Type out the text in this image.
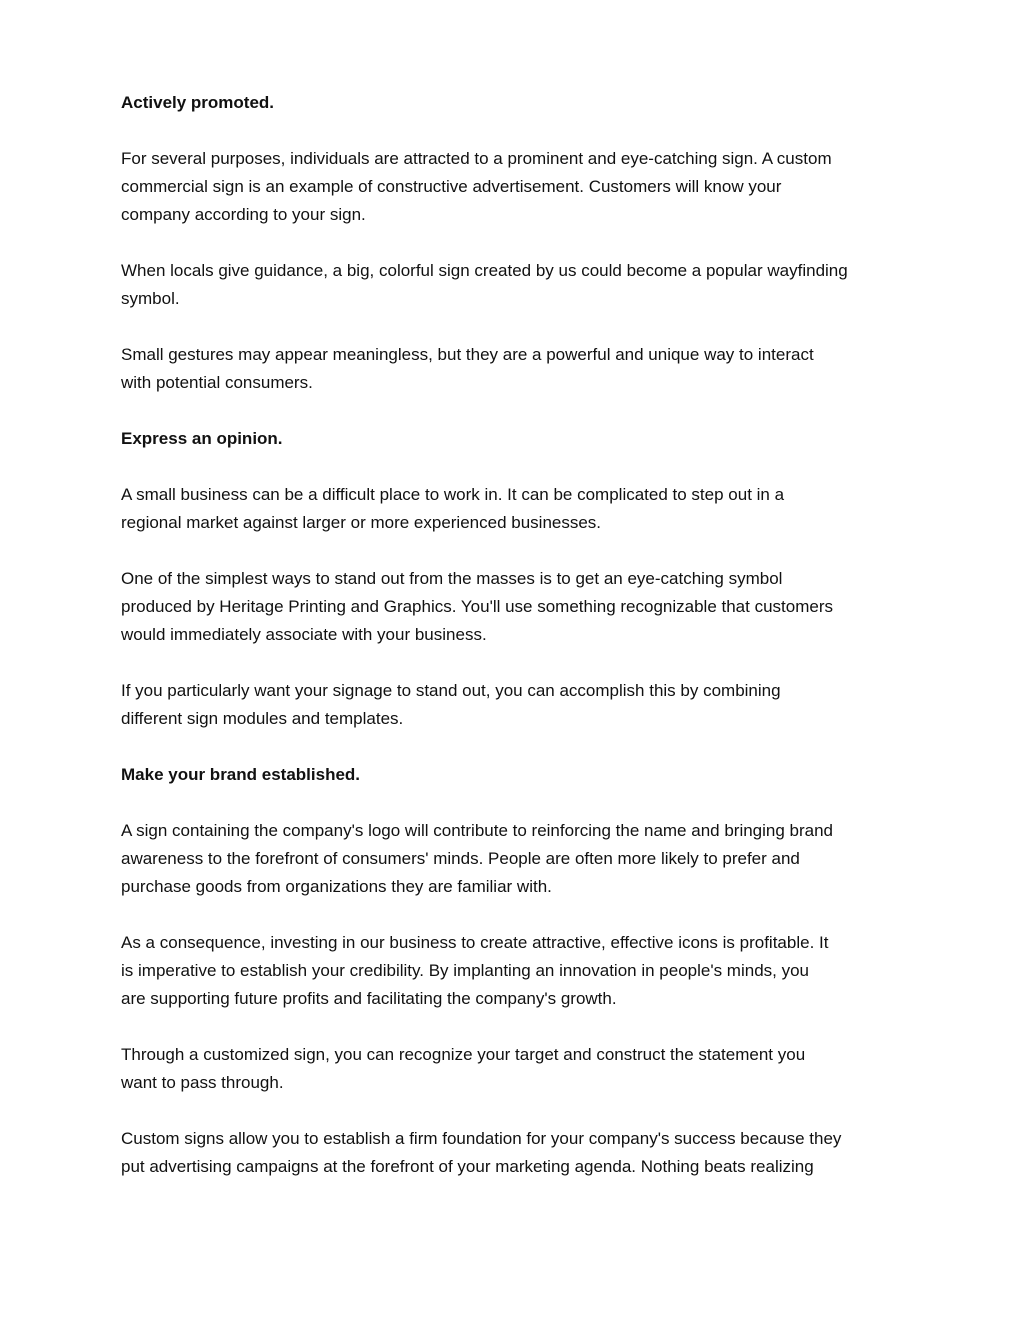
Actively promoted.
For several purposes, individuals are attracted to a prominent and eye-catching sign. A custom
commercial sign is an example of constructive advertisement. Customers will know your
company according to your sign.
When locals give guidance, a big, colorful sign created by us could become a popular wayfinding
symbol.
Small gestures may appear meaningless, but they are a powerful and unique way to interact
with potential consumers.
Express an opinion.
A small business can be a difficult place to work in. It can be complicated to step out in a
regional market against larger or more experienced businesses.
One of the simplest ways to stand out from the masses is to get an eye-catching symbol
produced by Heritage Printing and Graphics. You'll use something recognizable that customers
would immediately associate with your business.
If you particularly want your signage to stand out, you can accomplish this by combining
different sign modules and templates.
Make your brand established.
A sign containing the company's logo will contribute to reinforcing the name and bringing brand
awareness to the forefront of consumers' minds. People are often more likely to prefer and
purchase goods from organizations they are familiar with.
As a consequence, investing in our business to create attractive, effective icons is profitable. It
is imperative to establish your credibility. By implanting an innovation in people's minds, you
are supporting future profits and facilitating the company's growth.
Through a customized sign, you can recognize your target and construct the statement you
want to pass through.
Custom signs allow you to establish a firm foundation for your company's success because they
put advertising campaigns at the forefront of your marketing agenda. Nothing beats realizing
